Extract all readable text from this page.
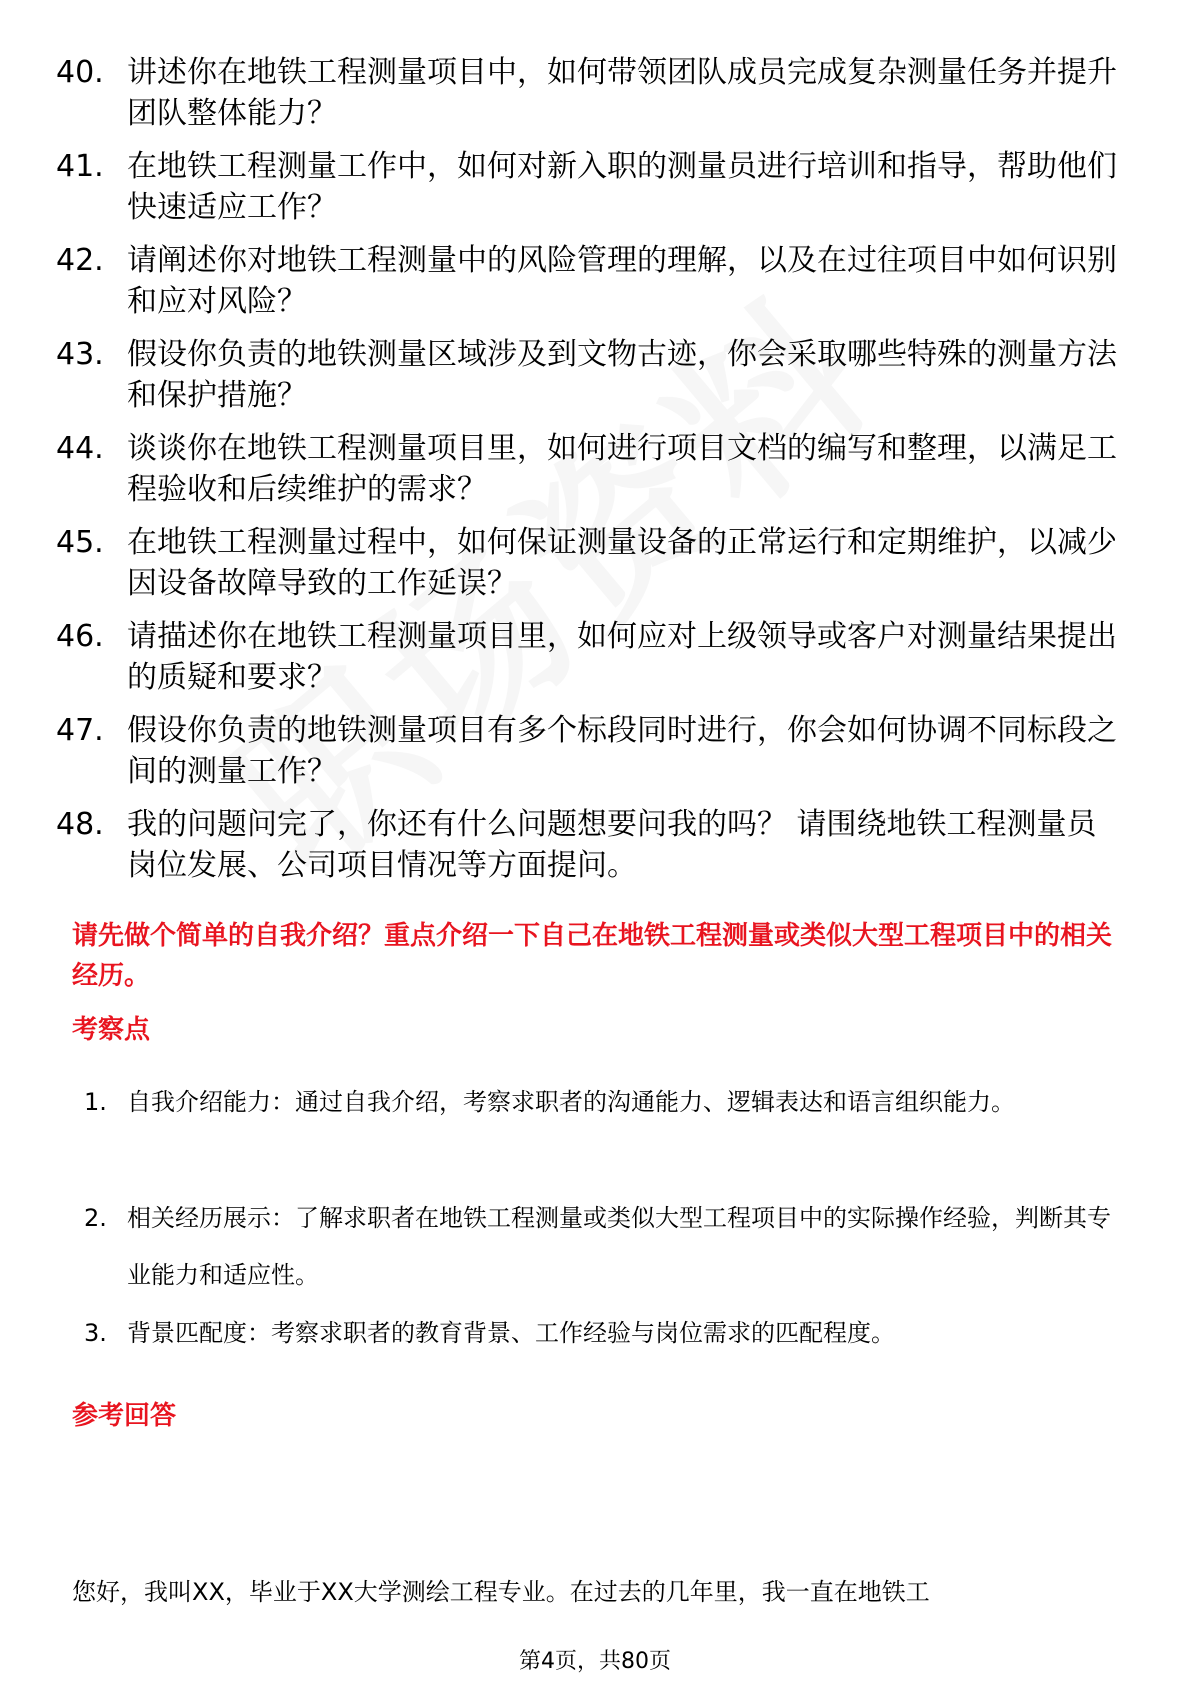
40. 讲述你在地铁工程测量项目中，如何带领团队成员完成复杂测量任务并提升团队整体能力？
41. 在地铁工程测量工作中，如何对新入职的测量员进行培训和指导，帮助他们快速适应工作？
42. 请阐述你对地铁工程测量中的风险管理的理解，以及在过往项目中如何识别和应对风险？
43. 假设你负责的地铁测量区域涉及到文物古迹，你会采取哪些特殊的测量方法和保护措施？
44. 谈谈你在地铁工程测量项目里，如何进行项目文档的编写和整理，以满足工程验收和后续维护的需求？
45. 在地铁工程测量过程中，如何保证测量设备的正常运行和定期维护，以减少因设备故障导致的工作延误？
46. 请描述你在地铁工程测量项目里，如何应对上级领导或客户对测量结果提出的质疑和要求？
47. 假设你负责的地铁测量项目有多个标段同时进行，你会如何协调不同标段之间的测量工作？
48. 我的问题问完了，你还有什么问题想要问我的吗？ 请围绕地铁工程测量员岗位发展、公司项目情况等方面提问。
请先做个简单的自我介绍？重点介绍一下自己在地铁工程测量或类似大型工程项目中的相关经历。
考察点
1. 自我介绍能力：通过自我介绍，考察求职者的沟通能力、逻辑表达和语言组织能力。
2. 相关经历展示：了解求职者在地铁工程测量或类似大型工程项目中的实际操作经验，判断其专业能力和适应性。
3. 背景匹配度：考察求职者的教育背景、工作经验与岗位需求的匹配程度。
参考回答
您好，我叫XX，毕业于XX大学测绘工程专业。在过去的几年里，我一直在地铁工
第4页，共80页
